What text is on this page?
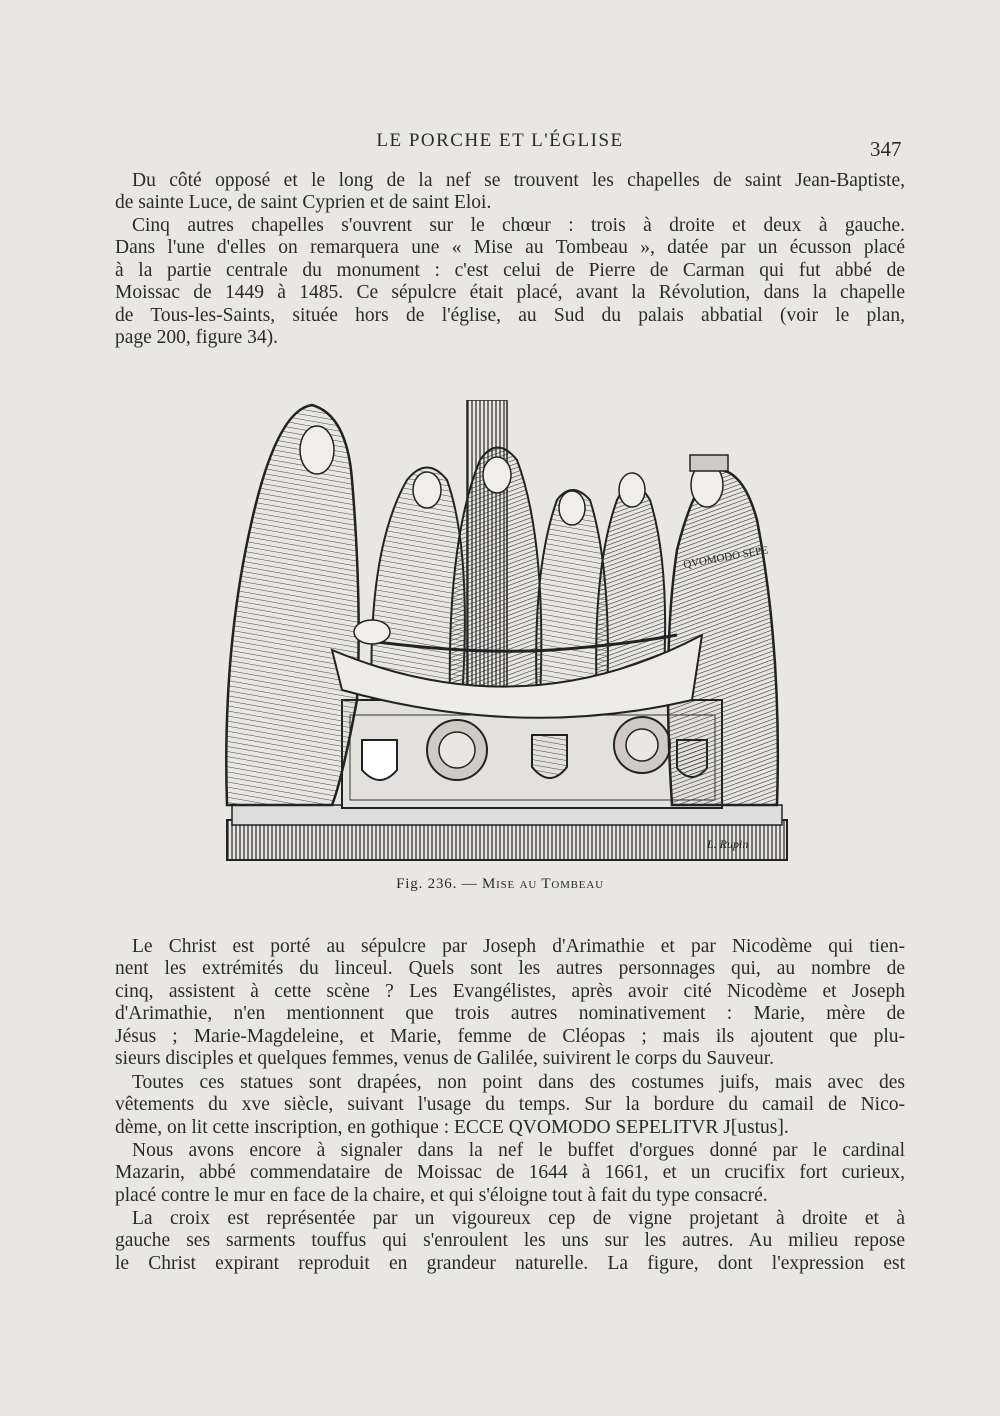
LE PORCHE ET L'ÉGLISE	347
Du côté opposé et le long de la nef se trouvent les chapelles de saint Jean-Baptiste,
de sainte Luce, de saint Cyprien et de saint Eloi.
Cinq autres chapelles s'ouvrent sur le chœur : trois à droite et deux à gauche.
Dans l'une d'elles on remarquera une « Mise au Tombeau », datée par un écusson placé
à la partie centrale du monument : c'est celui de Pierre de Carman qui fut abbé de
Moissac de 1449 à 1485. Ce sépulcre était placé, avant la Révolution, dans la chapelle
de Tous-les-Saints, située hors de l'église, au Sud du palais abbatial (voir le plan,
page 200, figure 34).
QVOMODO SEPE
L. Rupin
Fig. 236. — Mise au Tombeau
Le Christ est porté au sépulcre par Joseph d'Arimathie et par Nicodème qui tien-
nent les extrémités du linceul. Quels sont les autres personnages qui, au nombre de
cinq, assistent à cette scène ? Les Evangélistes, après avoir cité Nicodème et Joseph
d'Arimathie, n'en mentionnent que trois autres nominativement : Marie, mère de
Jésus ; Marie-Magdeleine, et Marie, femme de Cléopas ; mais ils ajoutent que plu-
sieurs disciples et quelques femmes, venus de Galilée, suivirent le corps du Sauveur.
Toutes ces statues sont drapées, non point dans des costumes juifs, mais avec des
vêtements du xve siècle, suivant l'usage du temps. Sur la bordure du camail de Nico-
dème, on lit cette inscription, en gothique : ECCE QVOMODO SEPELITVR J[ustus].
Nous avons encore à signaler dans la nef le buffet d'orgues donné par le cardinal
Mazarin, abbé commendataire de Moissac de 1644 à 1661, et un crucifix fort curieux,
placé contre le mur en face de la chaire, et qui s'éloigne tout à fait du type consacré.
La croix est représentée par un vigoureux cep de vigne projetant à droite et à
gauche ses sarments touffus qui s'enroulent les uns sur les autres. Au milieu repose
le Christ expirant reproduit en grandeur naturelle. La figure, dont l'expression est
